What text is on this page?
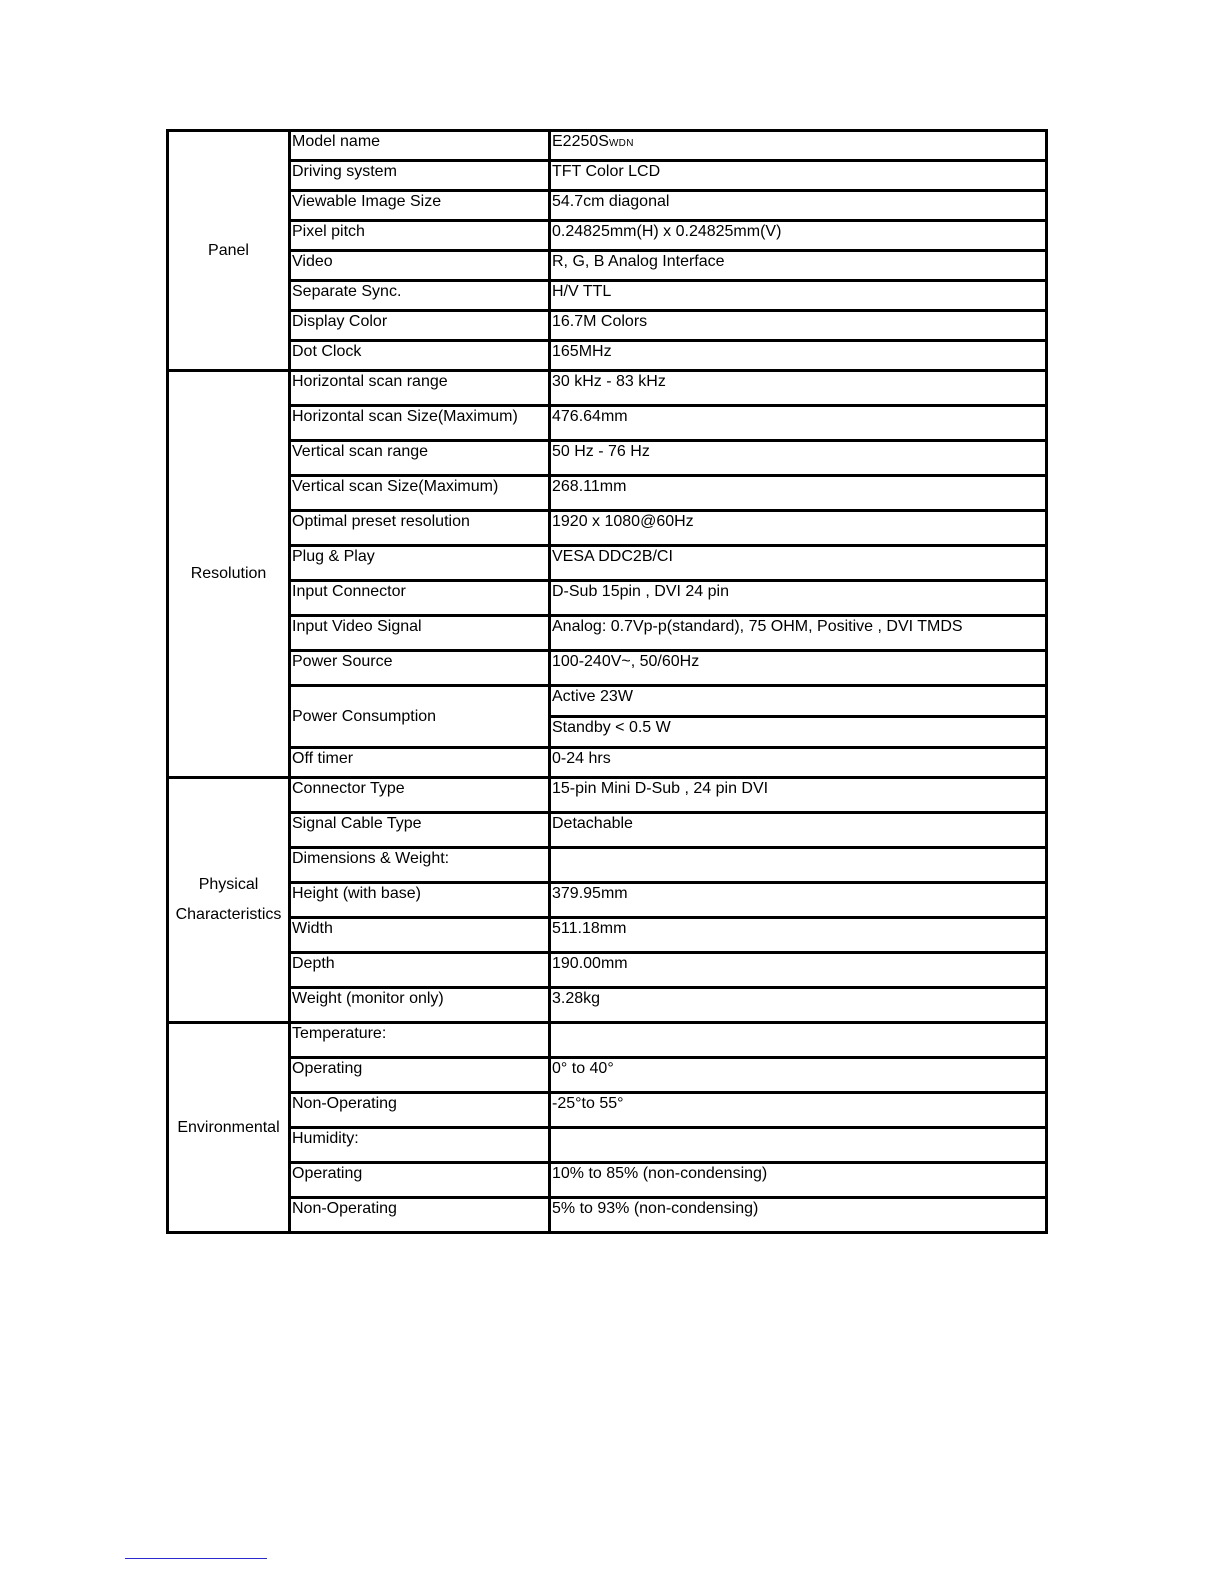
Panel	Model name	E2250SWDN
	Driving system	TFT Color LCD
	Viewable Image Size	54.7cm diagonal
	Pixel pitch	0.24825mm(H) x 0.24825mm(V)
	Video	R, G, B Analog Interface
	Separate Sync.	H/V TTL
	Display Color	16.7M Colors
	Dot Clock	165MHz
Resolution	Horizontal scan range	30 kHz - 83 kHz
	Horizontal scan Size(Maximum)	476.64mm
	Vertical scan range	50 Hz - 76 Hz
	Vertical scan Size(Maximum)	268.11mm
	Optimal preset resolution	1920 x 1080@60Hz
	Plug & Play	VESA DDC2B/CI
	Input Connector	D-Sub 15pin , DVI 24 pin
	Input Video Signal	Analog: 0.7Vp-p(standard), 75 OHM, Positive , DVI TMDS
	Power Source	100-240V~, 50/60Hz
	Power Consumption	Active 23W
		Standby < 0.5 W
	Off timer	0-24 hrs
Physical
Characteristics	Connector Type	15-pin Mini D-Sub , 24 pin DVI
	Signal Cable Type	Detachable
	Dimensions & Weight:	
	Height (with base)	379.95mm
	Width	511.18mm
	Depth	190.00mm
	Weight (monitor only)	3.28kg
Environmental	Temperature:	
	Operating	0° to 40°
	Non-Operating	-25°to 55°
	Humidity:	
	Operating	10% to 85% (non-condensing)
	Non-Operating	5% to 93% (non-condensing)
